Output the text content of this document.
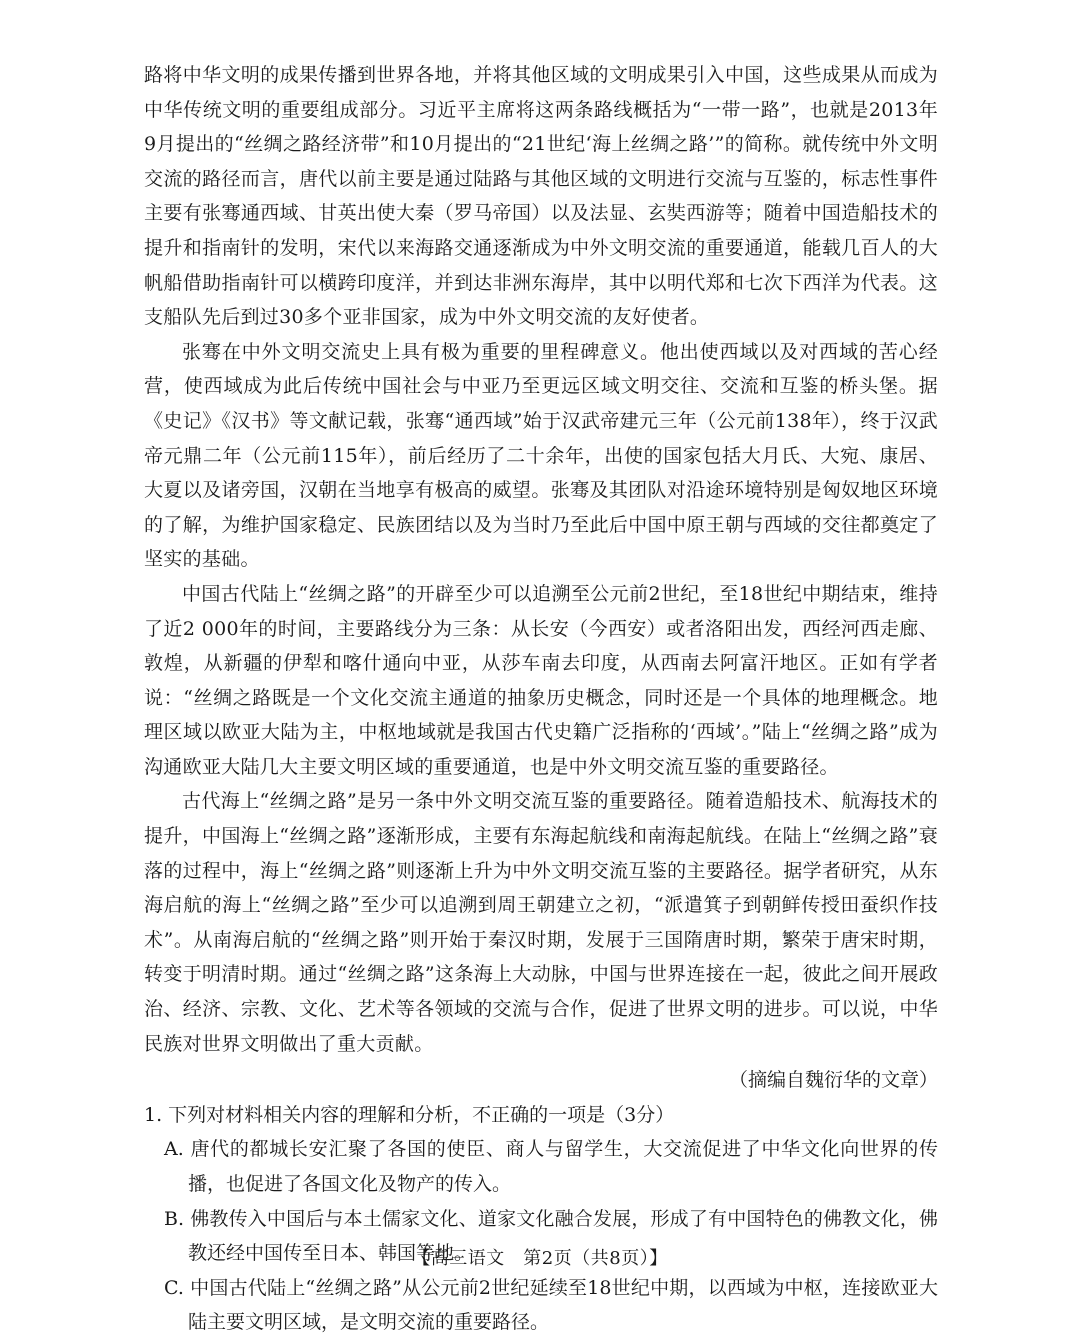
路将中华文明的成果传播到世界各地，并将其他区域的文明成果引入中国，这些成果从而成为中华传统文明的重要组成部分。习近平主席将这两条路线概括为“一带一路”，也就是2013年9月提出的“丝绸之路经济带”和10月提出的“21世纪‘海上丝绸之路’”的简称。就传统中外文明交流的路径而言，唐代以前主要是通过陆路与其他区域的文明进行交流与互鉴的，标志性事件主要有张骞通西域、甘英出使大秦（罗马帝国）以及法显、玄奘西游等；随着中国造船技术的提升和指南针的发明，宋代以来海路交通逐渐成为中外文明交流的重要通道，能载几百人的大帆船借助指南针可以横跨印度洋，并到达非洲东海岸，其中以明代郑和七次下西洋为代表。这支船队先后到过30多个亚非国家，成为中外文明交流的友好使者。

张骞在中外文明交流史上具有极为重要的里程碑意义。他出使西域以及对西域的苦心经营，使西域成为此后传统中国社会与中亚乃至更远区域文明交往、交流和互鉴的桥头堡。据《史记》《汉书》等文献记载，张骞“通西域”始于汉武帝建元三年（公元前138年），终于汉武帝元鼎二年（公元前115年），前后经历了二十余年，出使的国家包括大月氏、大宛、康居、大夏以及诸旁国，汉朝在当地享有极高的威望。张骞及其团队对沿途环境特别是匈奴地区环境的了解，为维护国家稳定、民族团结以及为当时乃至此后中国中原王朝与西域的交往都奠定了坚实的基础。

中国古代陆上“丝绸之路”的开辟至少可以追溯至公元前2世纪，至18世纪中期结束，维持了近2 000年的时间，主要路线分为三条：从长安（今西安）或者洛阳出发，西经河西走廊、敦煌，从新疆的伊犁和喀什通向中亚，从莎车南去印度，从西南去阿富汗地区。正如有学者说：“丝绸之路既是一个文化交流主通道的抽象历史概念，同时还是一个具体的地理概念。地理区域以欧亚大陆为主，中枢地域就是我国古代史籍广泛指称的‘西域’。”陆上“丝绸之路”成为沟通欧亚大陆几大主要文明区域的重要通道，也是中外文明交流互鉴的重要路径。

古代海上“丝绸之路”是另一条中外文明交流互鉴的重要路径。随着造船技术、航海技术的提升，中国海上“丝绸之路”逐渐形成，主要有东海起航线和南海起航线。在陆上“丝绸之路”衰落的过程中，海上“丝绸之路”则逐渐上升为中外文明交流互鉴的主要路径。据学者研究，从东海启航的海上“丝绸之路”至少可以追溯到周王朝建立之初，“派遣箕子到朝鲜传授田蚕织作技术”。从南海启航的“丝绸之路”则开始于秦汉时期，发展于三国隋唐时期，繁荣于唐宋时期，转变于明清时期。通过“丝绸之路”这条海上大动脉，中国与世界连接在一起，彼此之间开展政治、经济、宗教、文化、艺术等各领域的交流与合作，促进了世界文明的进步。可以说，中华民族对世界文明做出了重大贡献。

（摘编自魏衍华的文章）

1. 下列对材料相关内容的理解和分析，不正确的一项是（3分）

A. 唐代的都城长安汇聚了各国的使臣、商人与留学生，大交流促进了中华文化向世界的传播，也促进了各国文化及物产的传入。

B. 佛教传入中国后与本土儒家文化、道家文化融合发展，形成了有中国特色的佛教文化，佛教还经中国传至日本、韩国等地。

C. 中国古代陆上“丝绸之路”从公元前2世纪延续至18世纪中期，以西域为中枢，连接欧亚大陆主要文明区域，是文明交流的重要路径。

【高三语文　第2页（共8页）】
